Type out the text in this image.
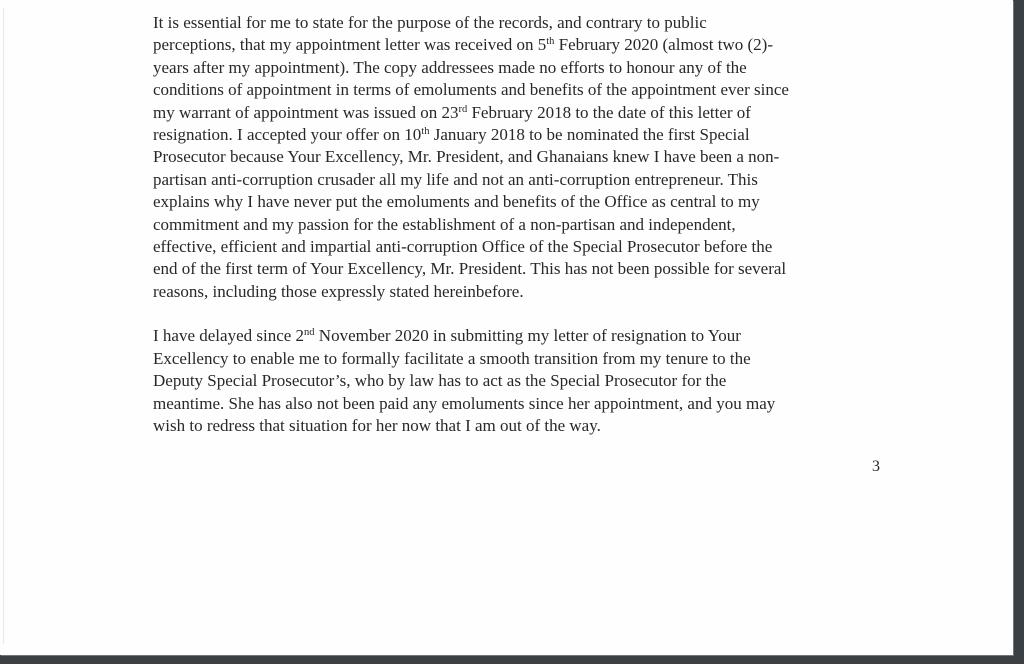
It is essential for me to state for the purpose of the records, and contrary to public
perceptions, that my appointment letter was received on 5th February 2020 (almost two (2)-
years after my appointment). The copy addressees made no efforts to honour any of the
conditions of appointment in terms of emoluments and benefits of the appointment ever since
my warrant of appointment was issued on 23rd February 2018 to the date of this letter of
resignation. I accepted your offer on 10th January 2018 to be nominated the first Special
Prosecutor because Your Excellency, Mr. President, and Ghanaians knew I have been a non-
partisan anti-corruption crusader all my life and not an anti-corruption entrepreneur. This
explains why I have never put the emoluments and benefits of the Office as central to my
commitment and my passion for the establishment of a non-partisan and independent,
effective, efficient and impartial anti-corruption Office of the Special Prosecutor before the
end of the first term of Your Excellency, Mr. President. This has not been possible for several
reasons, including those expressly stated hereinbefore.
I have delayed since 2nd November 2020 in submitting my letter of resignation to Your
Excellency to enable me to formally facilitate a smooth transition from my tenure to the
Deputy Special Prosecutor’s, who by law has to act as the Special Prosecutor for the
meantime. She has also not been paid any emoluments since her appointment, and you may
wish to redress that situation for her now that I am out of the way.
3
